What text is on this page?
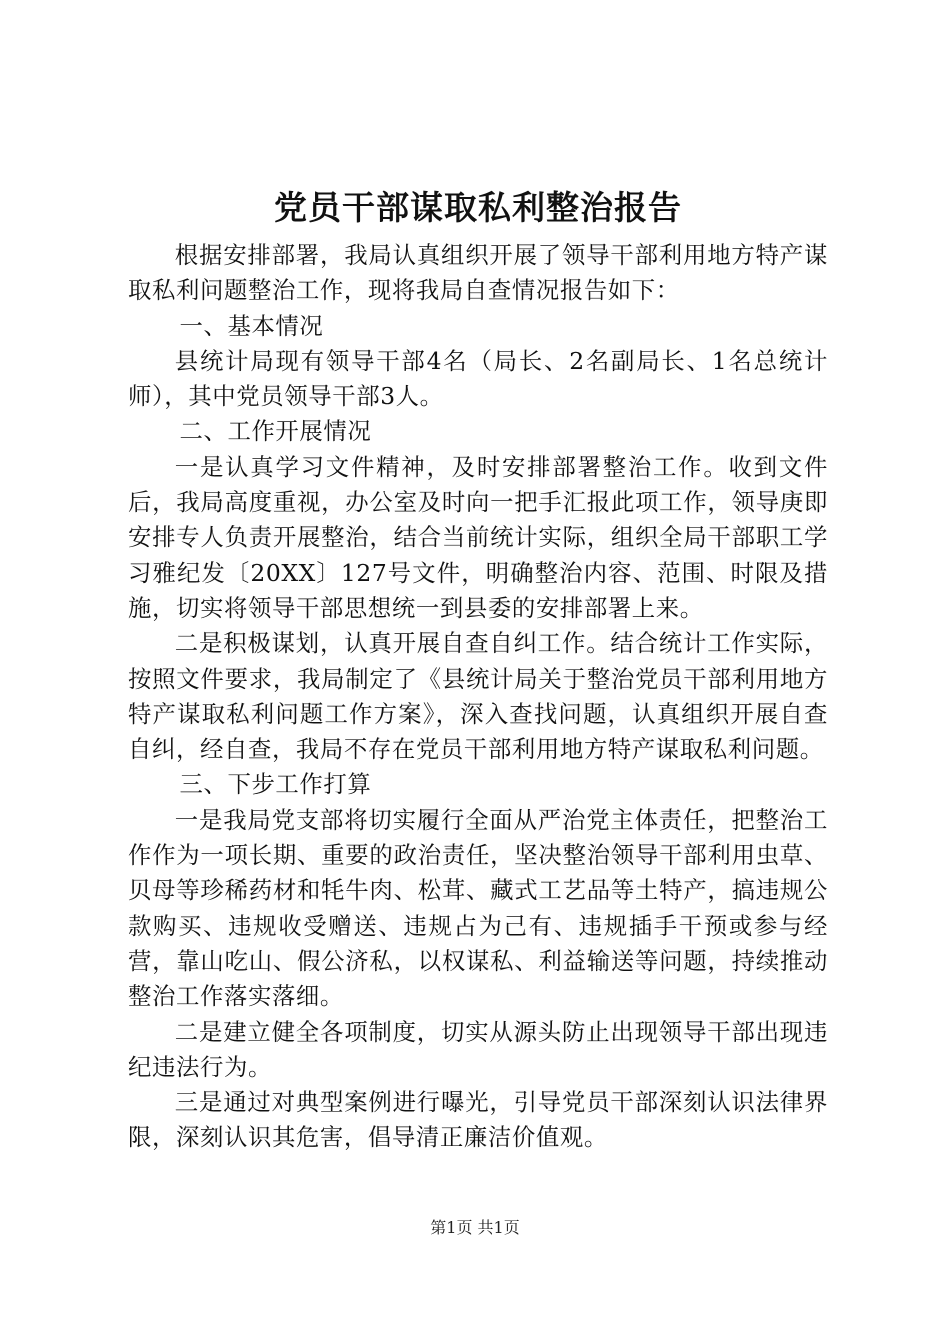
党员干部谋取私利整治报告

根据安排部署，我局认真组织开展了领导干部利用地方特产谋取私利问题整治工作，现将我局自查情况报告如下：

一、基本情况

县统计局现有领导干部4名（局长、2名副局长、1名总统计师），其中党员领导干部3人。

二、工作开展情况

一是认真学习文件精神，及时安排部署整治工作。收到文件后，我局高度重视，办公室及时向一把手汇报此项工作，领导庚即安排专人负责开展整治，结合当前统计实际，组织全局干部职工学习雅纪发〔20XX〕127号文件，明确整治内容、范围、时限及措施，切实将领导干部思想统一到县委的安排部署上来。

二是积极谋划，认真开展自查自纠工作。结合统计工作实际，按照文件要求，我局制定了《县统计局关于整治党员干部利用地方特产谋取私利问题工作方案》，深入查找问题，认真组织开展自查自纠，经自查，我局不存在党员干部利用地方特产谋取私利问题。

三、下步工作打算

一是我局党支部将切实履行全面从严治党主体责任，把整治工作作为一项长期、重要的政治责任，坚决整治领导干部利用虫草、贝母等珍稀药材和牦牛肉、松茸、藏式工艺品等土特产，搞违规公款购买、违规收受赠送、违规占为己有、违规插手干预或参与经营，靠山吃山、假公济私，以权谋私、利益输送等问题，持续推动整治工作落实落细。

二是建立健全各项制度，切实从源头防止出现领导干部出现违纪违法行为。

三是通过对典型案例进行曝光，引导党员干部深刻认识法律界限，深刻认识其危害，倡导清正廉洁价值观。

第1页 共1页
